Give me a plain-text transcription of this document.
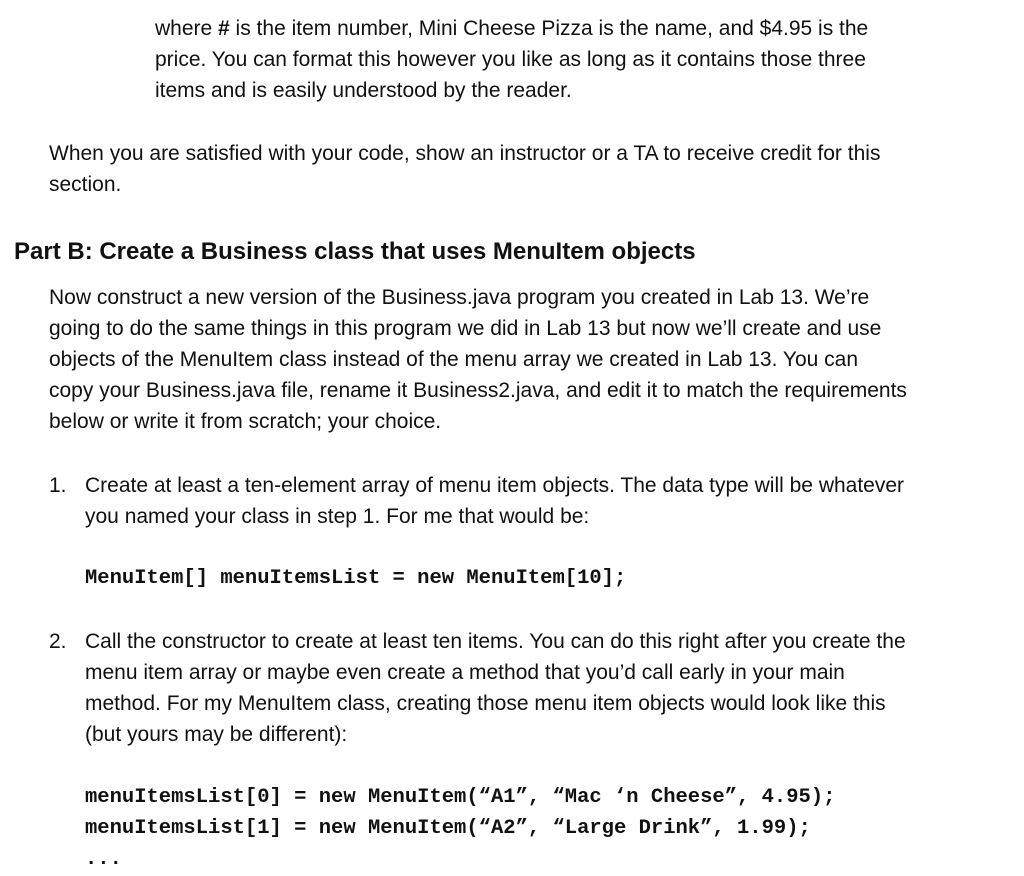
where # is the item number, Mini Cheese Pizza is the name, and $4.95 is the
price. You can format this however you like as long as it contains those three
items and is easily understood by the reader.

When you are satisfied with your code, show an instructor or a TA to receive credit for this
section.

Part B: Create a Business class that uses MenuItem objects

Now construct a new version of the Business.java program you created in Lab 13. We’re
going to do the same things in this program we did in Lab 13 but now we’ll create and use
objects of the MenuItem class instead of the menu array we created in Lab 13. You can
copy your Business.java file, rename it Business2.java, and edit it to match the requirements
below or write it from scratch; your choice.

1. Create at least a ten-element array of menu item objects. The data type will be whatever
you named your class in step 1. For me that would be:

MenuItem[] menuItemsList = new MenuItem[10];
2. Call the constructor to create at least ten items. You can do this right after you create the
menu item array or maybe even create a method that you’d call early in your main
method. For my MenuItem class, creating those menu item objects would look like this
(but yours may be different):

menuItemsList[0] = new MenuItem(“A1”, “Mac ‘n Cheese”, 4.95);
menuItemsList[1] = new MenuItem(“A2”, “Large Drink”, 1.99);
...
